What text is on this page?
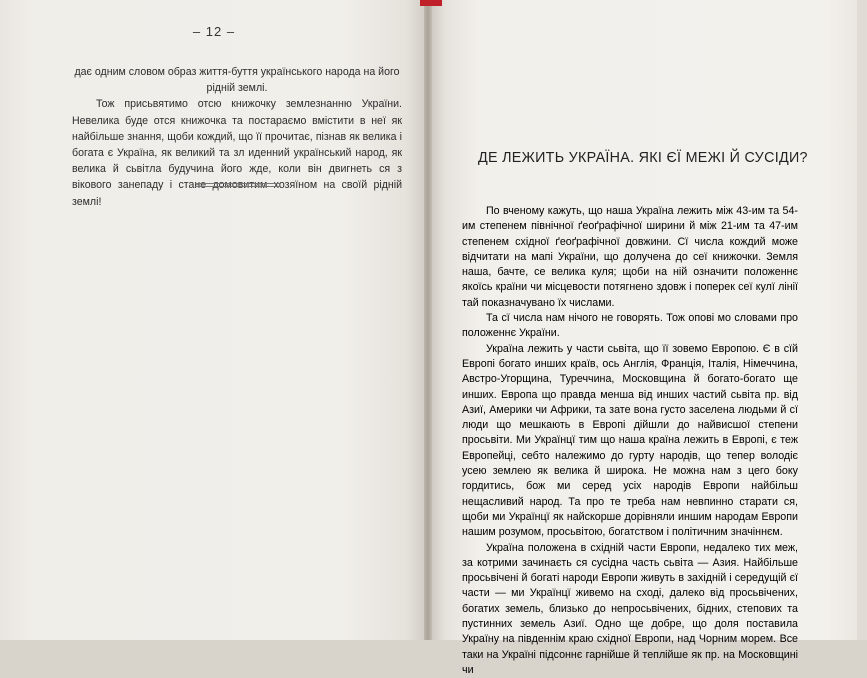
– 12 –

дає одним словом образ життя-буття українського народа на його рідній землі.

Тож присьвятимо отсю книжочку землезнанню України. Невелика буде отся книжочка та постараємо вмістити в неї як найбільше знання, щоби кождий, що її прочитає, пізнав як велика і богата є Україна, як великий та зл иденний український народ, як велика й сьвітла будучина його жде, коли він двигнеть ся з вікового занепаду і стане домовитим хозяїном на своїй рідній землі!

ДЕ ЛЕЖИТЬ УКРАЇНА. ЯКІ ЄЇ МЕЖІ Й СУСІДИ?

По вченому кажуть, що наша Україна лежить між 43-им та 54-им степенем північної ґеоґрафічної ширини й між 21-им та 47-им степенем східної ґеоґрафічної довжини. Сї числа кождий може відчитати на мапі України, що долучена до сеї книжочки. Земля наша, бачте, се велика куля; щоби на ній означити положеннє якоїсь країни чи місцевости потягнено здовж і поперек сеї кулї лінії тай показначувано їх числами.

Та сї числа нам нічого не говорять. Тож опові мо словами про положеннє України.

Україна лежить у части сьвіта, що її зовемо Европою. Є в сїй Европі богато инших країв, ось Англія, Франція, Італія, Німеччина, Австро-Угорщина, Туреччина, Московщина й богато-богато ще инших. Европа що правда менша від инших частий сьвіта пр. від Азиї, Америки чи Африки, та зате вона густо заселена людьми й сї люди що мешкають в Европі дійшли до найвисшої степени просьвіти. Ми Українцї тим що наша країна лежить в Европі, є теж Европейці, себто належимо до гурту народів, що тепер володіє усею землею як велика й широка. Не можна нам з цего боку гордитись, бож ми серед усіх народів Европи найбільш нещасливий народ. Та про те треба нам невпинно старати ся, щоби ми Українцї як найскорше дорівняли иншим народам Европи нашим розумом, просьвітою, богатством і політичним значіннєм.

Україна положена в східній части Европи, недалеко тих меж, за котрими зачинаєть ся сусідна часть сьвіта — Азия. Найбільше просьвічені й богаті народи Европи живуть в західній і середущій єї части — ми Українцї живемо на сході, далеко від просьвічених, богатих земель, близько до непросьвічених, бідних, степових та пустинних земель Азиї. Одно ще добре, що доля поставила Україну на південнім краю східної Европи, над Чорним морем. Все таки на Україні підсоннє гарнійше й теплійше як пр. на Московщині чи
